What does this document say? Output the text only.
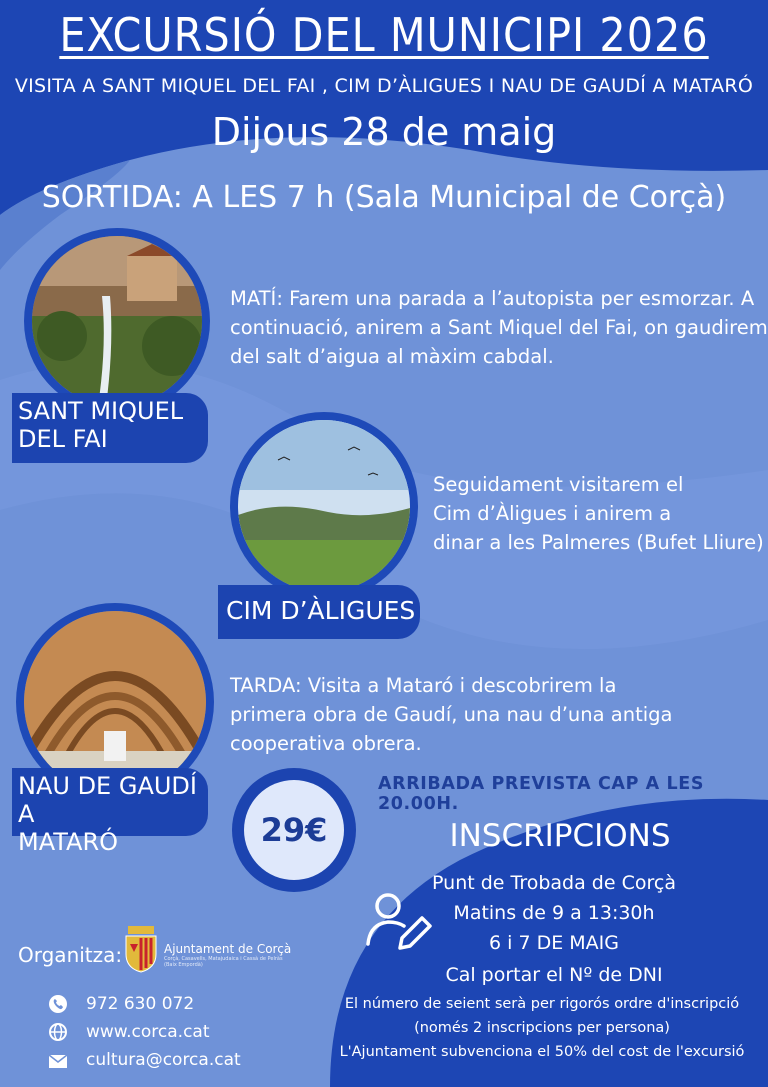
EXCURSIÓ DEL MUNICIPI 2026
VISITA A SANT MIQUEL DEL FAI , CIM D’ÀLIGUES I NAU DE GAUDÍ A MATARÓ
Dijous 28 de maig
SORTIDA: A LES 7 h (Sala Municipal de Corçà)
SANT MIQUEL
DEL FAI
MATÍ: Farem una parada a l’autopista per esmorzar. A
continuació, anirem a Sant Miquel del Fai, on gaudirem
del salt d’aigua al màxim cabdal.
CIM D’ÀLIGUES
Seguidament visitarem el
Cim d’Àligues i anirem a
dinar a les Palmeres (Bufet Lliure)
NAU DE GAUDÍ A
MATARÓ
TARDA: Visita a Mataró i descobrirem la
primera obra de Gaudí, una nau d’una antiga
cooperativa obrera.
ARRIBADA PREVISTA CAP A LES 20.00H.
29€	INSCRIPCIONS
Punt de Trobada de Corçà
Matins de 9 a 13:30h
6 i 7 DE MAIG
Cal portar el Nº de DNI
El número de seient serà per rigorós ordre d'inscripció
(només 2 inscripcions per persona)
L'Ajuntament subvenciona el 50% del cost de l'excursió
Organitza:	Ajuntament de Corçà
Corçà, Casavells, Matajudaica i Cassà de Pelràs
(Baix Empordà)
972 630 072
www.corca.cat
cultura@corca.cat
